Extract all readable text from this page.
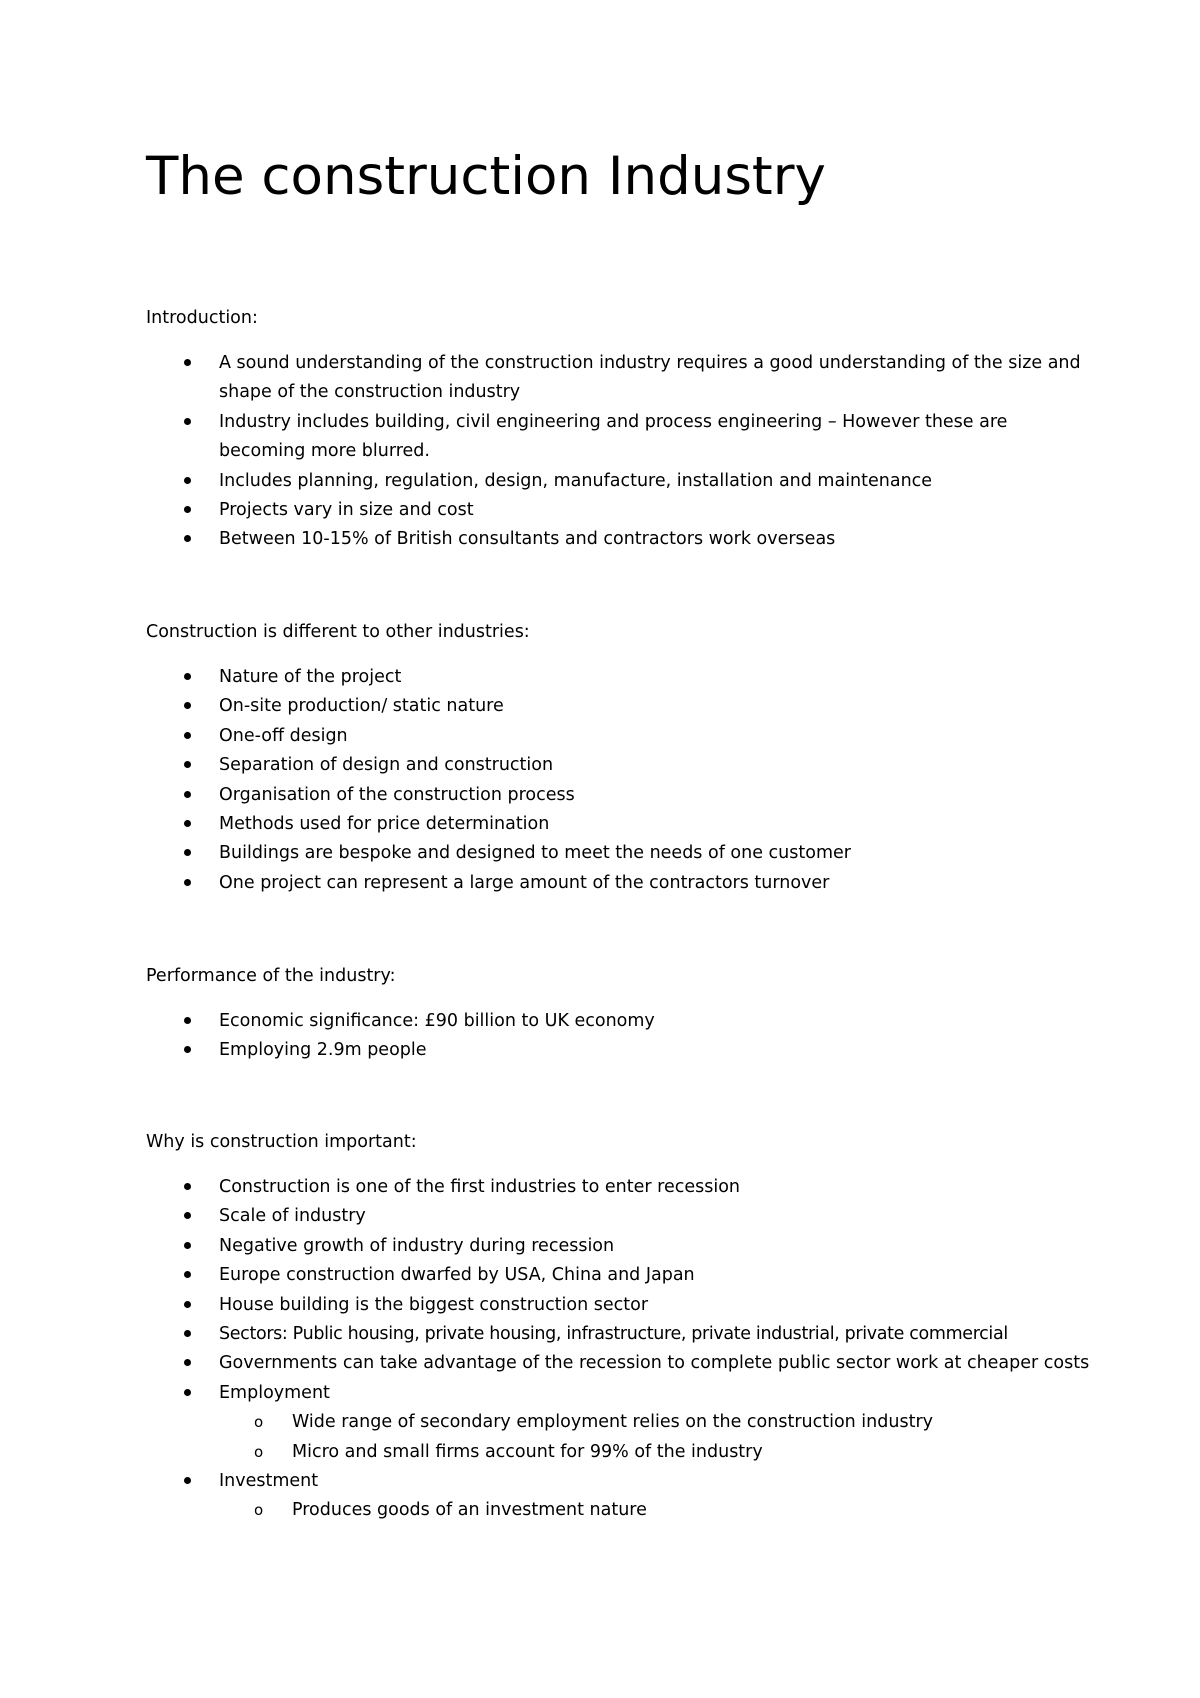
The construction Industry

Introduction:

A sound understanding of the construction industry requires a good understanding of the size and shape of the construction industry
Industry includes building, civil engineering and process engineering – However these are becoming more blurred.
Includes planning, regulation, design, manufacture, installation and maintenance
Projects vary in size and cost
Between 10-15% of British consultants and contractors work overseas

Construction is different to other industries:

Nature of the project
On-site production/ static nature
One-off design
Separation of design and construction
Organisation of the construction process
Methods used for price determination
Buildings are bespoke and designed to meet the needs of one customer
One project can represent a large amount of the contractors turnover

Performance of the industry:

Economic significance: £90 billion to UK economy
Employing 2.9m people

Why is construction important:

Construction is one of the first industries to enter recession
Scale of industry
Negative growth of industry during recession
Europe construction dwarfed by USA, China and Japan
House building is the biggest construction sector
Sectors: Public housing, private housing, infrastructure, private industrial, private commercial
Governments can take advantage of the recession to complete public sector work at cheaper costs
Employment
o Wide range of secondary employment relies on the construction industry
o Micro and small firms account for 99% of the industry
Investment
o Produces goods of an investment nature
